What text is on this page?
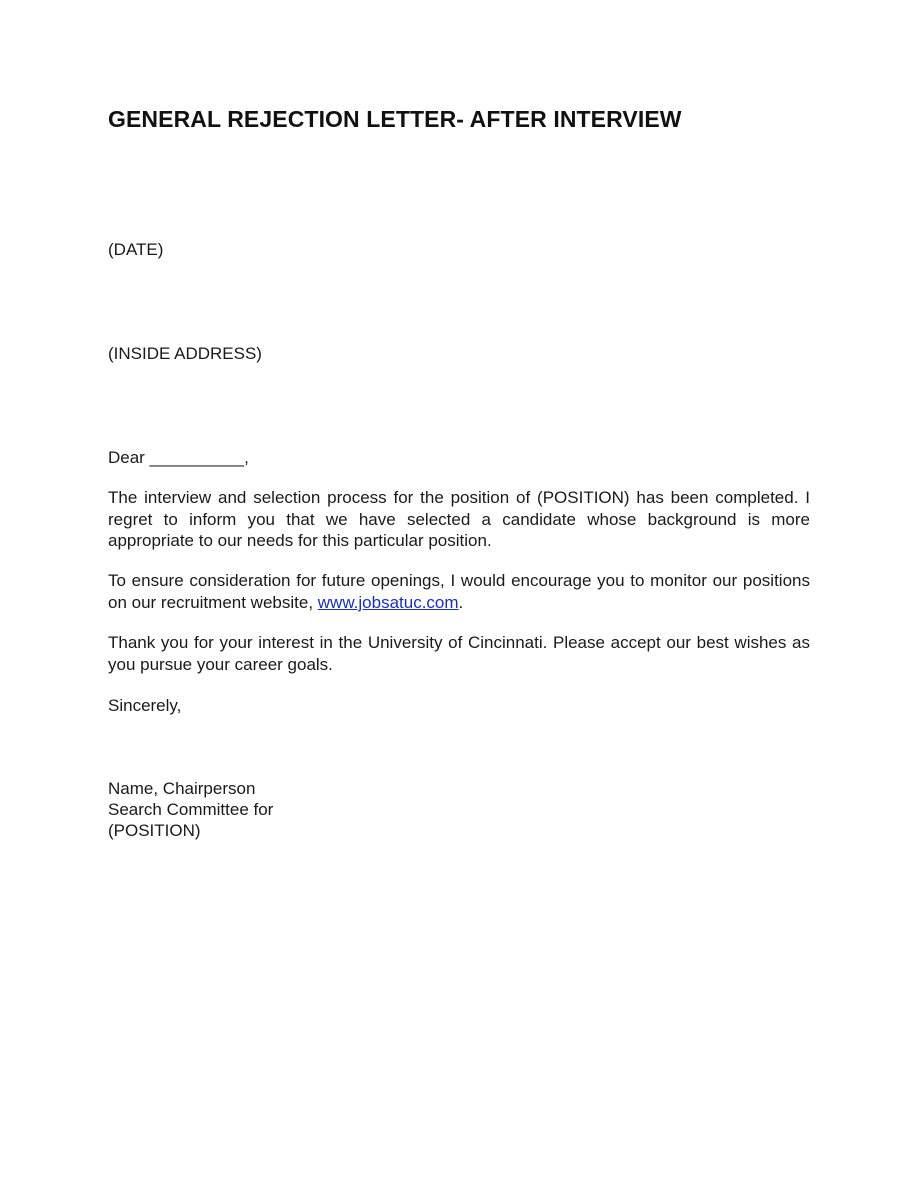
GENERAL REJECTION LETTER- AFTER INTERVIEW

(DATE)

(INSIDE ADDRESS)

Dear __________,

The interview and selection process for the position of (POSITION) has been completed. I regret to inform you that we have selected a candidate whose background is more appropriate to our needs for this particular position.

To ensure consideration for future openings, I would encourage you to monitor our positions on our recruitment website, www.jobsatuc.com.

Thank you for your interest in the University of Cincinnati. Please accept our best wishes as you pursue your career goals.

Sincerely,

Name, Chairperson
Search Committee for
(POSITION)
